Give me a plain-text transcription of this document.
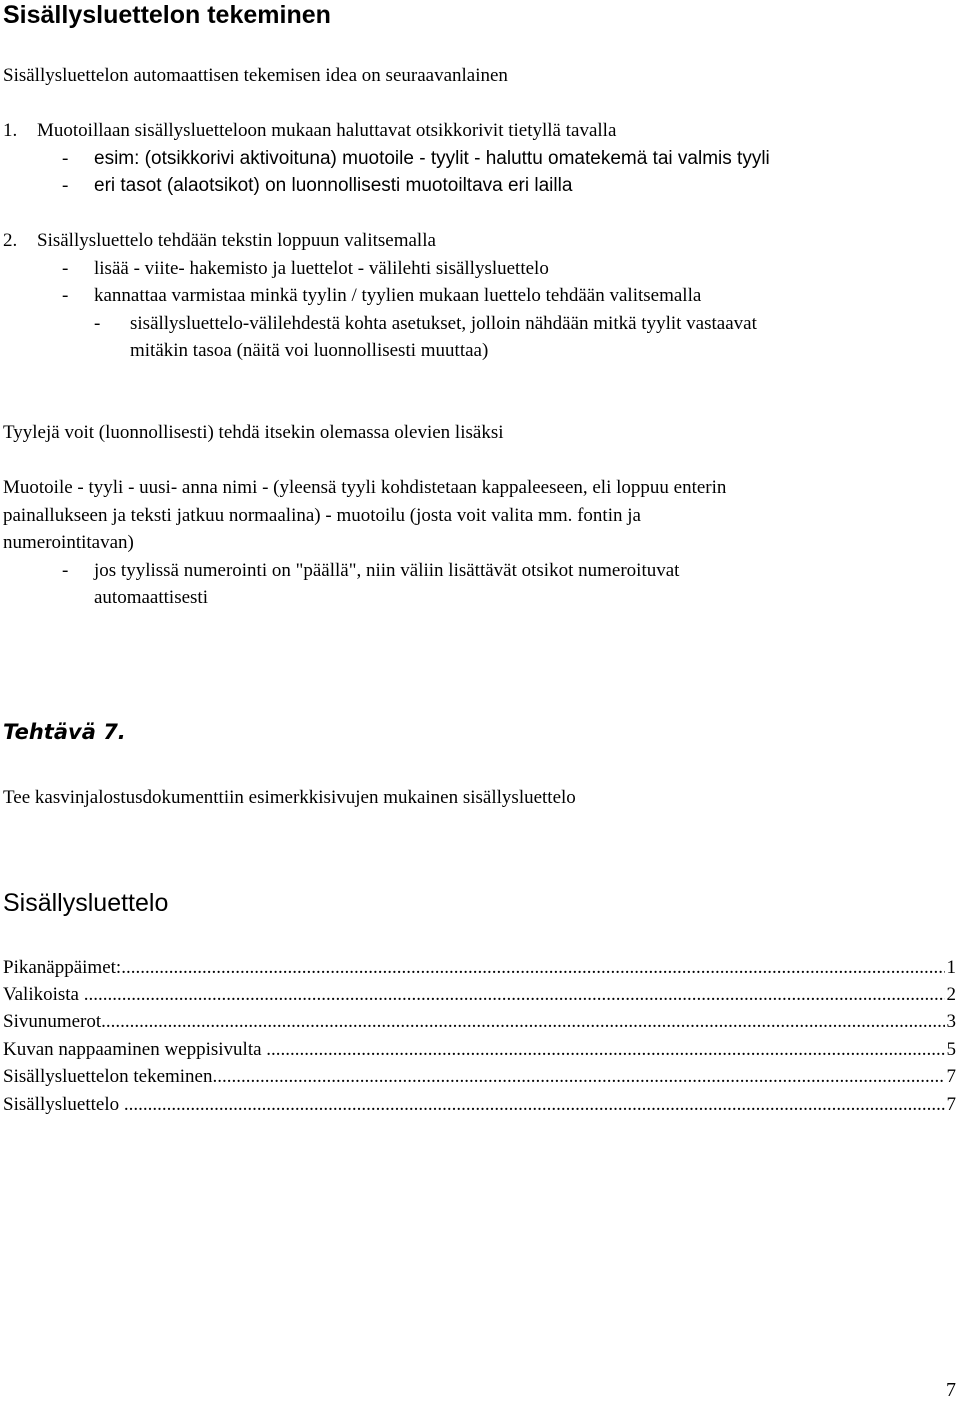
Sisällysluettelon tekeminen
Sisällysluettelon automaattisen tekemisen idea on seuraavanlainen
1. Muotoillaan sisällysluetteloon mukaan haluttavat otsikkorivit tietyllä tavalla
- esim: (otsikkorivi aktivoituna) muotoile - tyylit - haluttu omatekemä tai valmis tyyli
- eri tasot (alaotsikot) on luonnollisesti muotoiltava eri lailla
2. Sisällysluettelo tehdään tekstin loppuun valitsemalla
- lisää - viite- hakemisto ja luettelot - välilehti sisällysluettelo
- kannattaa varmistaa minkä tyylin / tyylien mukaan luettelo tehdään valitsemalla
- sisällysluettelo-välilehdestä kohta asetukset, jolloin nähdään mitkä tyylit vastaavat
mitäkin tasoa (näitä voi luonnollisesti muuttaa)
Tyylejä voit (luonnollisesti) tehdä itsekin olemassa olevien lisäksi
Muotoile - tyyli - uusi- anna nimi - (yleensä tyyli kohdistetaan kappaleeseen, eli loppuu enterin
painallukseen ja teksti jatkuu normaalina) - muotoilu (josta voit valita mm. fontin ja
numerointitavan)
- jos tyylissä numerointi on "päällä", niin väliin lisättävät otsikot numeroituvat
automaattisesti
Tehtävä 7.
Tee kasvinjalostusdokumenttiin esimerkkisivujen mukainen sisällysluettelo
Sisällysluettelo
Pikanäppäimet: .....	1
Valikoista .....	2
Sivunumerot .....	3
Kuvan nappaaminen weppisivulta .....	5
Sisällysluettelon tekeminen .....	7
Sisällysluettelo .....	7
7
